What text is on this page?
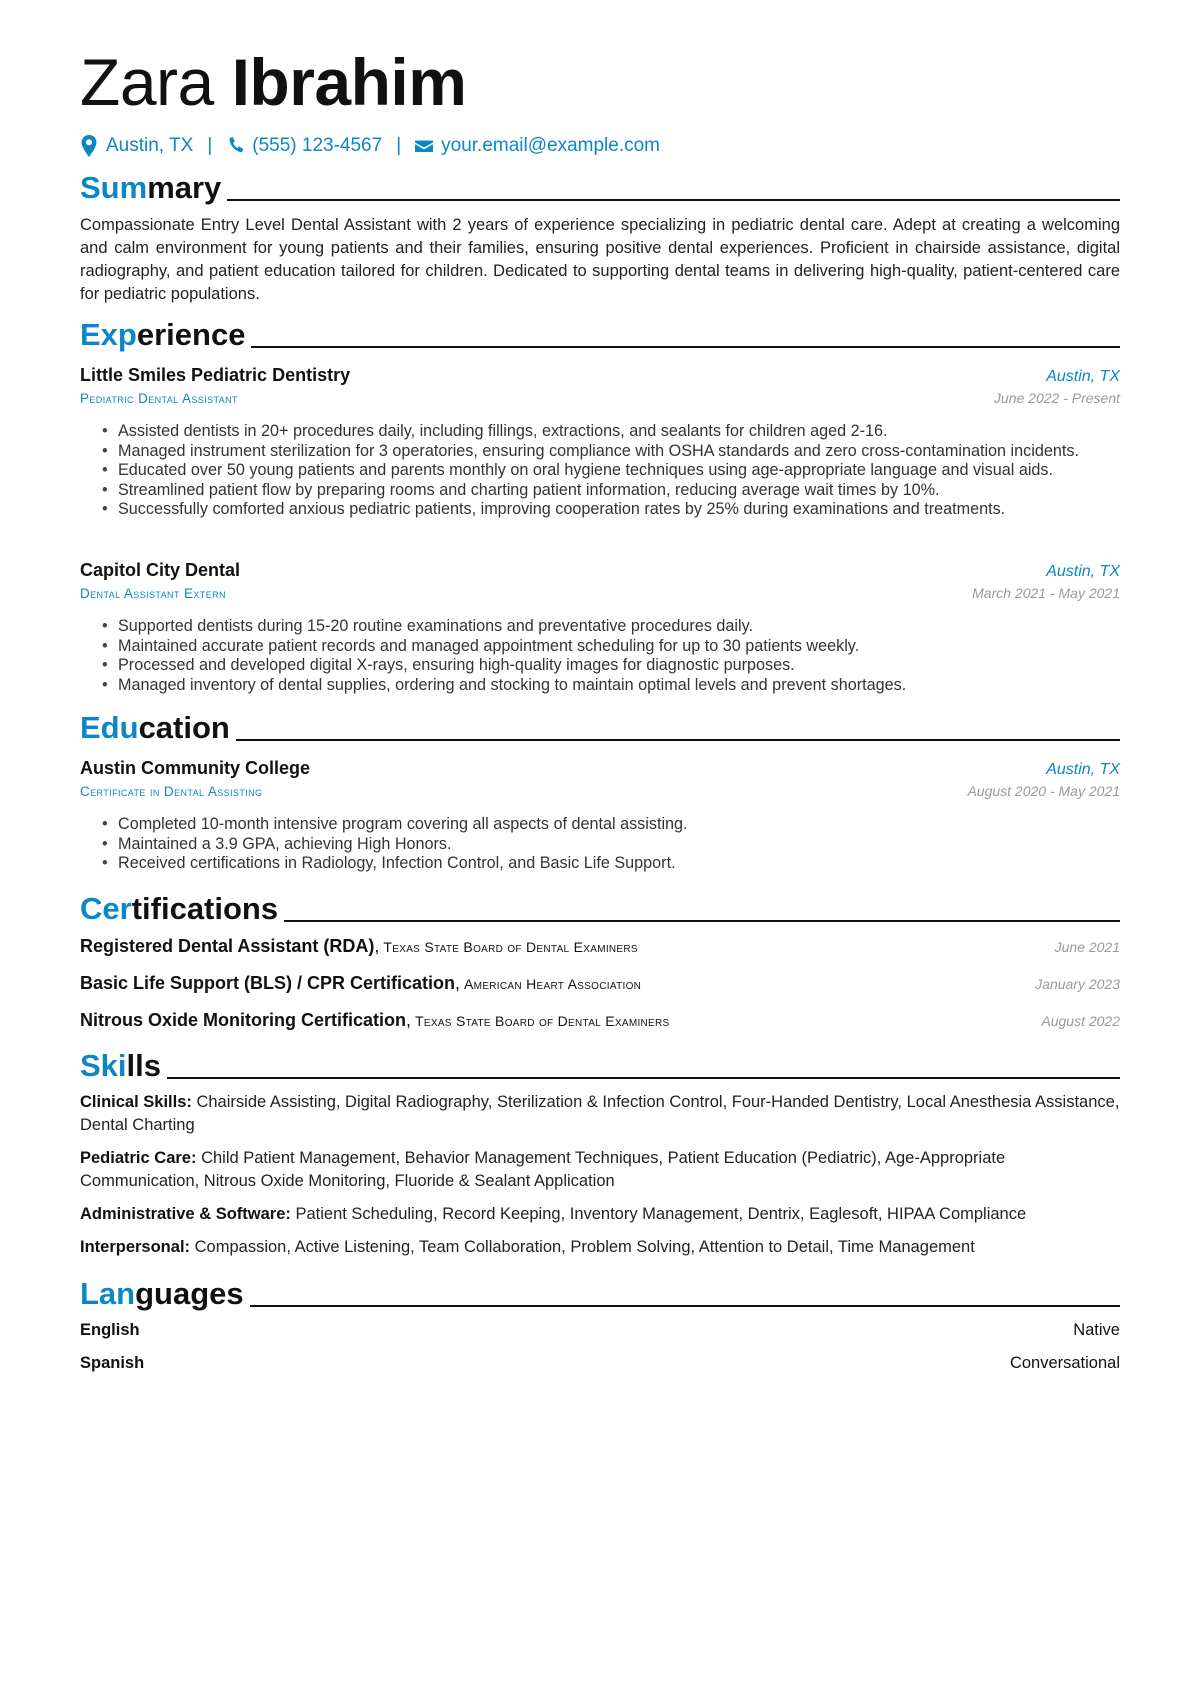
Zara Ibrahim
Austin, TX | (555) 123-4567 | your.email@example.com
Summary
Compassionate Entry Level Dental Assistant with 2 years of experience specializing in pediatric dental care. Adept at creating a welcoming and calm environment for young patients and their families, ensuring positive dental experiences. Proficient in chairside assistance, digital radiography, and patient education tailored for children. Dedicated to supporting dental teams in delivering high-quality, patient-centered care for pediatric populations.
Experience
Little Smiles Pediatric Dentistry	Austin, TX
Pediatric Dental Assistant	June 2022 - Present
• Assisted dentists in 20+ procedures daily, including fillings, extractions, and sealants for children aged 2-16.
• Managed instrument sterilization for 3 operatories, ensuring compliance with OSHA standards and zero cross-contamination incidents.
• Educated over 50 young patients and parents monthly on oral hygiene techniques using age-appropriate language and visual aids.
• Streamlined patient flow by preparing rooms and charting patient information, reducing average wait times by 10%.
• Successfully comforted anxious pediatric patients, improving cooperation rates by 25% during examinations and treatments.
Capitol City Dental	Austin, TX
Dental Assistant Extern	March 2021 - May 2021
• Supported dentists during 15-20 routine examinations and preventative procedures daily.
• Maintained accurate patient records and managed appointment scheduling for up to 30 patients weekly.
• Processed and developed digital X-rays, ensuring high-quality images for diagnostic purposes.
• Managed inventory of dental supplies, ordering and stocking to maintain optimal levels and prevent shortages.
Education
Austin Community College	Austin, TX
Certificate in Dental Assisting	August 2020 - May 2021
• Completed 10-month intensive program covering all aspects of dental assisting.
• Maintained a 3.9 GPA, achieving High Honors.
• Received certifications in Radiology, Infection Control, and Basic Life Support.
Certifications
Registered Dental Assistant (RDA), Texas State Board of Dental Examiners	June 2021
Basic Life Support (BLS) / CPR Certification, American Heart Association	January 2023
Nitrous Oxide Monitoring Certification, Texas State Board of Dental Examiners	August 2022
Skills
Clinical Skills: Chairside Assisting, Digital Radiography, Sterilization & Infection Control, Four-Handed Dentistry, Local Anesthesia Assistance, Dental Charting
Pediatric Care: Child Patient Management, Behavior Management Techniques, Patient Education (Pediatric), Age-Appropriate Communication, Nitrous Oxide Monitoring, Fluoride & Sealant Application
Administrative & Software: Patient Scheduling, Record Keeping, Inventory Management, Dentrix, Eaglesoft, HIPAA Compliance
Interpersonal: Compassion, Active Listening, Team Collaboration, Problem Solving, Attention to Detail, Time Management
Languages
English	Native
Spanish	Conversational
